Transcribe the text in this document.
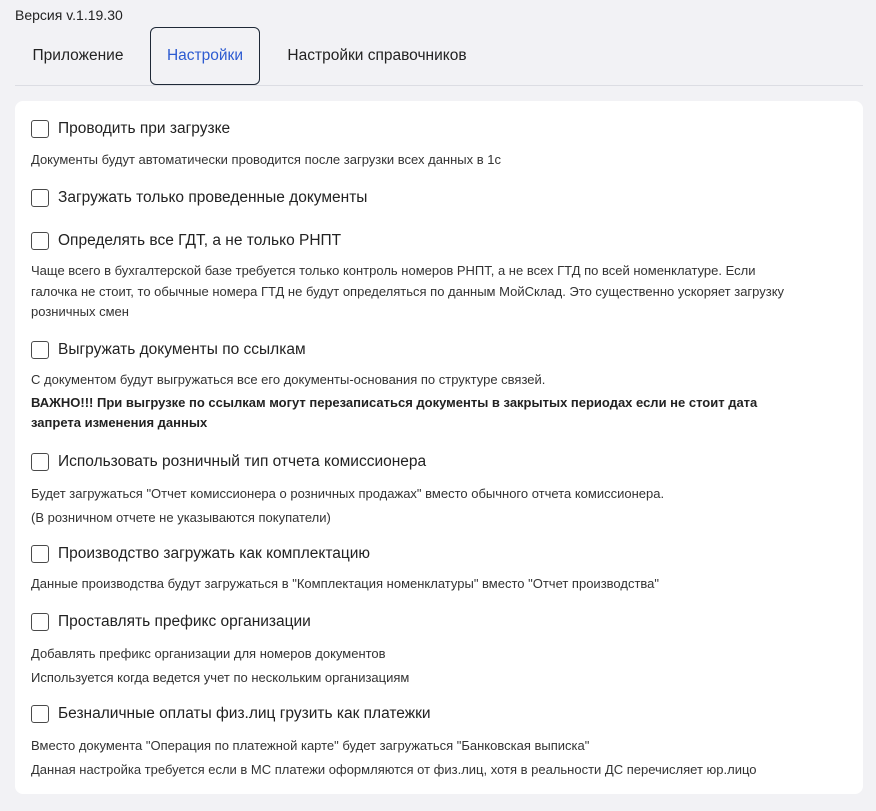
Версия v.1.19.30
Приложение	Настройки	Настройки справочников
Проводить при загрузке
Документы будут автоматически проводится после загрузки всех данных в 1с
Загружать только проведенные документы
Определять все ГДТ, а не только РНПТ
Чаще всего в бухгалтерской базе требуется только контроль номеров РНПТ, а не всех ГТД по всей номенклатуре. Если
галочка не стоит, то обычные номера ГТД не будут определяться по данным МойСклад. Это существенно ускоряет загрузку
розничных смен
Выгружать документы по ссылкам
С документом будут выгружаться все его документы-основания по структуре связей.
ВАЖНО!!! При выгрузке по ссылкам могут перезаписаться документы в закрытых периодах если не стоит дата
запрета изменения данных
Использовать розничный тип отчета комиссионера
Будет загружаться "Отчет комиссионера о розничных продажах" вместо обычного отчета комиссионера.
(В розничном отчете не указываются покупатели)
Производство загружать как комплектацию
Данные производства будут загружаться в "Комплектация номенклатуры" вместо "Отчет производства"
Проставлять префикс организации
Добавлять префикс организации для номеров документов
Используется когда ведется учет по нескольким организациям
Безналичные оплаты физ.лиц грузить как платежки
Вместо документа "Операция по платежной карте" будет загружаться "Банковская выписка"
Данная настройка требуется если в МС платежи оформляются от физ.лиц, хотя в реальности ДС перечисляет юр.лицо
